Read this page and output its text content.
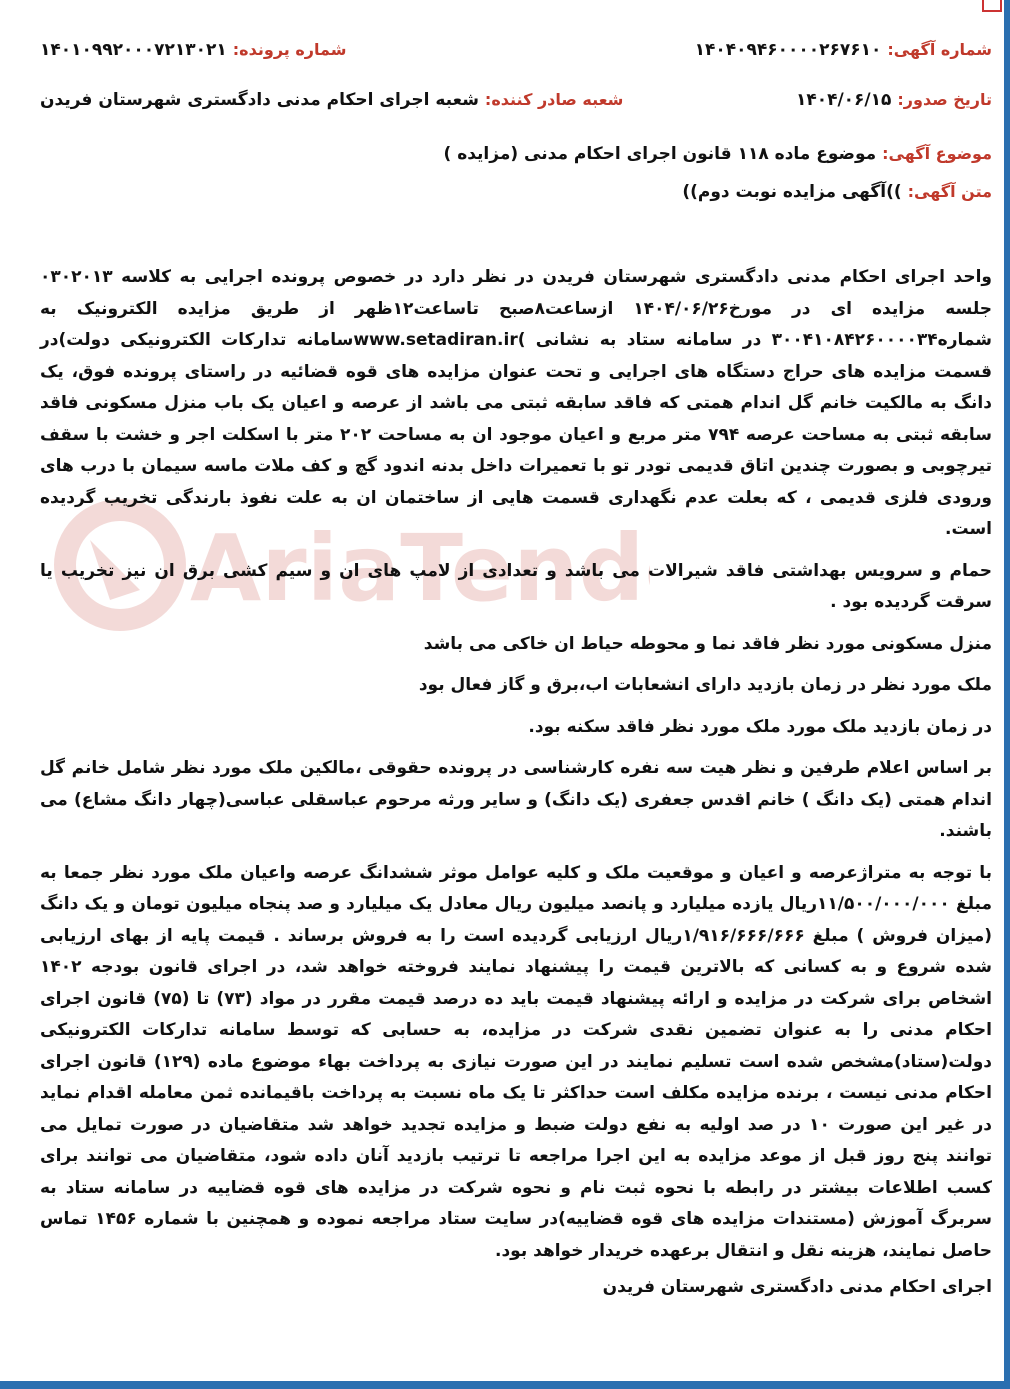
AriaTend
شماره آگهی:
۱۴۰۴۰۹۴۶۰۰۰۰۲۶۷۶۱۰
شماره پرونده:
۱۴۰۱۰۹۹۲۰۰۰۷۲۱۳۰۲۱
تاریخ صدور:
۱۴۰۴/۰۶/۱۵
شعبه صادر کننده:
شعبه اجرای احکام مدنی دادگستری شهرستان فریدن
موضوع آگهی:
موضوع ماده ۱۱۸ قانون اجرای احکام مدنی (مزایده )
متن آگهی:
))آگهی مزایده نوبت دوم))

واحد اجرای احکام مدنی دادگستری شهرستان فریدن در نظر دارد در خصوص پرونده اجرایی به کلاسه ۰۳۰۲۰۱۳ جلسه مزایده ای در مورخ۱۴۰۴/۰۶/۲۶ ازساعت۸صبح تاساعت۱۲ظهر از طریق مزایده الکترونیک به شماره۳۰۰۴۱۰۸۴۲۶۰۰۰۰۳۴ در سامانه ستاد به نشانی )www.setadiran.irسامانه تدارکات الکترونیکی دولت)در قسمت مزایده های حراج دستگاه های اجرایی و تحت عنوان مزایده های قوه قضائیه در راستای پرونده فوق، یک دانگ به مالکیت خانم گل اندام همتی که فاقد سابقه ثبتی می باشد از عرصه و اعیان یک باب منزل مسکونی فاقد سابقه ثبتی به مساحت عرصه ۷۹۴ متر مربع و اعیان موجود ان به مساحت ۲۰۲ متر با اسکلت اجر و خشت با سقف تیرچوبی و بصورت چندین اتاق قدیمی تودر تو با تعمیرات داخل بدنه اندود گچ و کف ملات ماسه سیمان با درب های ورودی فلزی قدیمی ، که بعلت عدم نگهداری قسمت هایی از ساختمان ان به علت نفوذ بارندگی تخریب گردیده است.

حمام و سرویس بهداشتی فاقد شیرالات می باشد و تعدادی از لامپ های ان و سیم کشی برق ان نیز تخریب یا سرقت گردیده بود .

منزل مسکونی مورد نظر فاقد نما و محوطه حیاط ان خاکی می باشد

ملک مورد نظر در زمان بازدید دارای انشعابات اب،برق و گاز فعال بود

در زمان بازدید ملک مورد ملک مورد نظر فاقد سکنه بود.

بر اساس اعلام طرفین و نظر هیت سه نفره کارشناسی در پرونده حقوقی ،مالکین ملک مورد نظر شامل خانم گل اندام همتی (یک دانگ ) خانم اقدس جعفری (یک دانگ) و سایر ورثه مرحوم عباسقلی عباسی(چهار دانگ مشاع) می باشند.

با توجه به متراژعرصه و اعیان و موقعیت ملک و کلیه عوامل موثر ششدانگ عرصه واعیان ملک مورد نظر جمعا به مبلغ ۱۱/۵۰۰/۰۰۰/۰۰۰ریال یازده میلیارد و پانصد میلیون ریال معادل یک میلیارد و صد پنجاه میلیون تومان و یک دانگ (میزان فروش ) مبلغ ۱/۹۱۶/۶۶۶/۶۶۶ریال ارزیابی گردیده است را به فروش برساند . قیمت پایه از بهای ارزیابی شده شروع و به کسانی که بالاترین قیمت را پیشنهاد نمایند فروخته خواهد شد، در اجرای قانون بودجه ۱۴۰۲ اشخاص برای شرکت در مزایده و ارائه پیشنهاد قیمت باید ده درصد قیمت مقرر در مواد (۷۳) تا (۷۵) قانون اجرای احکام مدنی را به عنوان تضمین نقدی شرکت در مزایده، به حسابی که توسط سامانه تدارکات الکترونیکی دولت(ستاد)مشخص شده است تسلیم نمایند در این صورت نیازی به پرداخت بهاء موضوع ماده (۱۲۹) قانون اجرای احکام مدنی نیست ، برنده مزایده مکلف است حداکثر تا یک ماه نسبت به پرداخت باقیمانده ثمن معامله اقدام نماید در غیر این صورت ۱۰ در صد اولیه به نفع دولت ضبط و مزایده تجدید خواهد شد متقاضیان در صورت تمایل می توانند پنج روز قبل از موعد مزایده به این اجرا مراجعه تا ترتیب بازدید آنان داده شود، متقاضیان می توانند برای کسب اطلاعات بیشتر در رابطه با نحوه ثبت نام و نحوه شرکت در مزایده های قوه قضاییه در سامانه ستاد به سربرگ آموزش (مستندات مزایده های قوه قضاییه)در سایت ستاد مراجعه نموده و همچنین با شماره ۱۴۵۶ تماس حاصل نمایند، هزینه نقل و انتقال برعهده خریدار خواهد بود.

اجرای احکام مدنی دادگستری شهرستان فریدن
